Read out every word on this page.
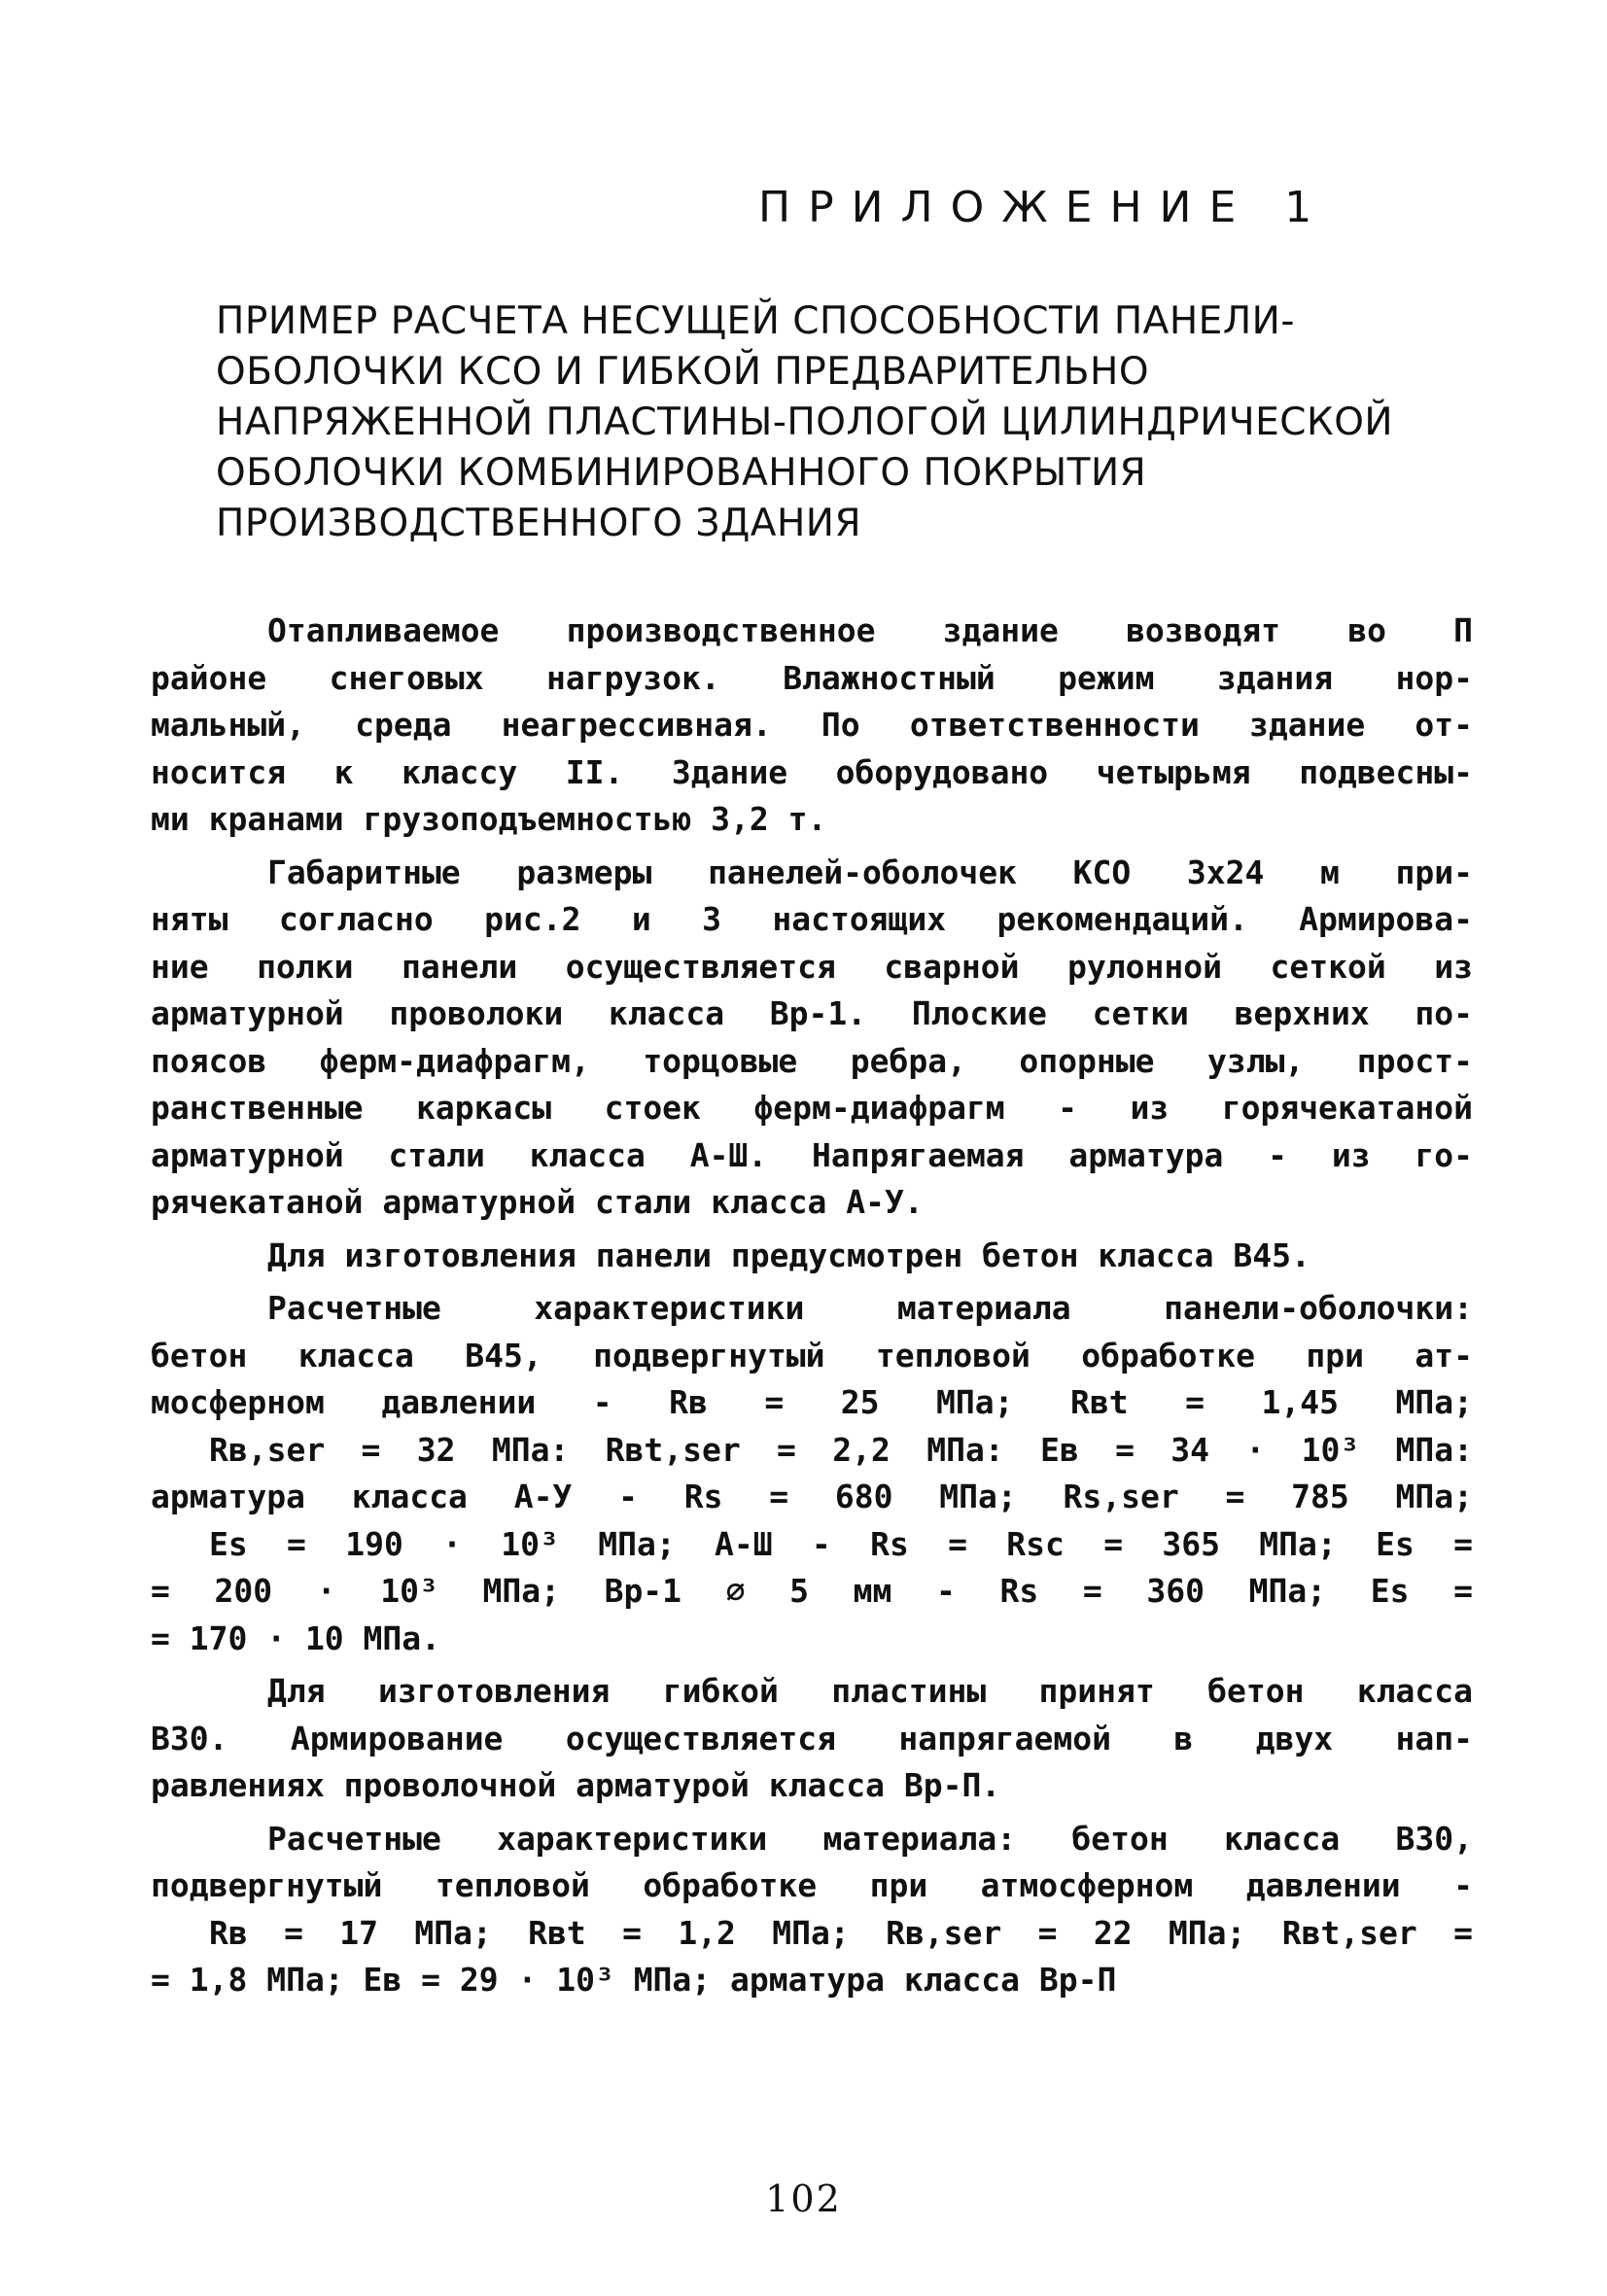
ПРИЛОЖЕНИЕ 1
ПРИМЕР РАСЧЕТА НЕСУЩЕЙ СПОСОБНОСТИ ПАНЕЛИ-
ОБОЛОЧКИ КСО И ГИБКОЙ ПРЕДВАРИТЕЛЬНО
НАПРЯЖЕННОЙ ПЛАСТИНЫ-ПОЛОГОЙ ЦИЛИНДРИЧЕСКОЙ
ОБОЛОЧКИ КОМБИНИРОВАННОГО ПОКРЫТИЯ
ПРОИЗВОДСТВЕННОГО ЗДАНИЯ
Отапливаемое производственное здание возводят во П
районе снеговых нагрузок. Влажностный режим здания нор-
мальный, среда неагрессивная. По ответственности здание от-
носится к классу II. Здание оборудовано четырьмя подвесны-
ми кранами грузоподъемностью 3,2 т.
Габаритные размеры панелей-оболочек КСО 3х24 м при-
няты согласно рис.2 и 3 настоящих рекомендаций. Армирова-
ние полки панели осуществляется сварной рулонной сеткой из
арматурной проволоки класса Вр-1. Плоские сетки верхних по-
поясов ферм-диафрагм, торцовые ребра, опорные узлы, прост-
ранственные каркасы стоек ферм-диафрагм - из горячекатаной
арматурной стали класса А-Ш. Напрягаемая арматура - из го-
рячекатаной арматурной стали класса А-У.
Для изготовления панели предусмотрен бетон класса В45.
Расчетные характеристики материала панели-оболочки:
бетон класса В45, подвергнутый тепловой обработке при ат-
мосферном давлении - Rв = 25 МПа; Rвt = 1,45 МПа;
Rв,ser = 32 МПа: Rвt,ser = 2,2 МПа: Ев = 34 · 10³ МПа:
арматура класса А-У - Rs = 680 МПа; Rs,ser = 785 МПа;
Еs = 190 · 10³ МПа; А-Ш - Rs = Rsc = 365 МПа; Еs =
= 200 · 10³ МПа; Вр-1 ⌀ 5 мм - Rs = 360 МПа; Еs =
= 170 · 10 МПа.
Для изготовления гибкой пластины принят бетон класса
В30. Армирование осуществляется напрягаемой в двух нап-
равлениях проволочной арматурой класса Вр-П.
Расчетные характеристики материала: бетон класса В30,
подвергнутый тепловой обработке при атмосферном давлении -
Rв = 17 МПа; Rвt = 1,2 МПа; Rв,ser = 22 МПа; Rвt,ser =
= 1,8 МПа; Ев = 29 · 10³ МПа; арматура класса Вр-П
102
